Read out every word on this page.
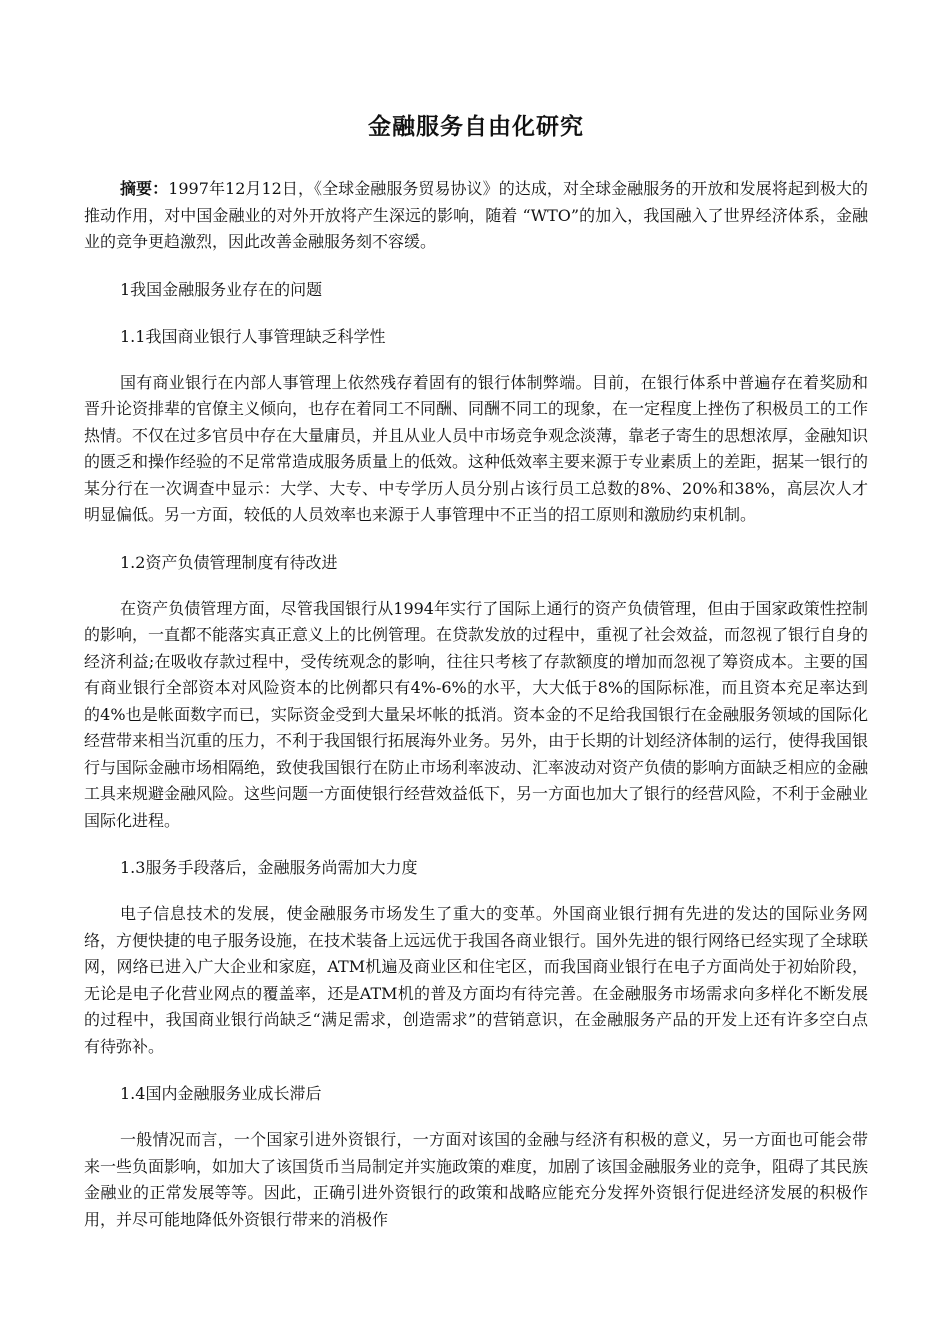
金融服务自由化研究

摘要：1997年12月12日，《全球金融服务贸易协议》的达成，对全球金融服务的开放和发展将起到极大的推动作用，对中国金融业的对外开放将产生深远的影响，随着 “WTO”的加入，我国融入了世界经济体系，金融业的竞争更趋激烈，因此改善金融服务刻不容缓。

1我国金融服务业存在的问题

1.1我国商业银行人事管理缺乏科学性

国有商业银行在内部人事管理上依然残存着固有的银行体制弊端。目前，在银行体系中普遍存在着奖励和晋升论资排辈的官僚主义倾向，也存在着同工不同酬、同酬不同工的现象，在一定程度上挫伤了积极员工的工作热情。不仅在过多官员中存在大量庸员，并且从业人员中市场竞争观念淡薄，靠老子寄生的思想浓厚，金融知识的匮乏和操作经验的不足常常造成服务质量上的低效。这种低效率主要来源于专业素质上的差距，据某一银行的某分行在一次调查中显示：大学、大专、中专学历人员分别占该行员工总数的8%、20%和38%，高层次人才明显偏低。另一方面，较低的人员效率也来源于人事管理中不正当的招工原则和激励约束机制。

1.2资产负债管理制度有待改进

在资产负债管理方面，尽管我国银行从1994年实行了国际上通行的资产负债管理，但由于国家政策性控制的影响，一直都不能落实真正意义上的比例管理。在贷款发放的过程中，重视了社会效益，而忽视了银行自身的经济利益;在吸收存款过程中，受传统观念的影响，往往只考核了存款额度的增加而忽视了筹资成本。主要的国有商业银行全部资本对风险资本的比例都只有4%-6%的水平，大大低于8%的国际标准，而且资本充足率达到的4%也是帐面数字而已，实际资金受到大量呆坏帐的抵消。资本金的不足给我国银行在金融服务领域的国际化经营带来相当沉重的压力，不利于我国银行拓展海外业务。另外，由于长期的计划经济体制的运行，使得我国银行与国际金融市场相隔绝，致使我国银行在防止市场利率波动、汇率波动对资产负债的影响方面缺乏相应的金融工具来规避金融风险。这些问题一方面使银行经营效益低下，另一方面也加大了银行的经营风险，不利于金融业国际化进程。

1.3服务手段落后，金融服务尚需加大力度

电子信息技术的发展，使金融服务市场发生了重大的变革。外国商业银行拥有先进的发达的国际业务网络，方便快捷的电子服务设施，在技术装备上远远优于我国各商业银行。国外先进的银行网络已经实现了全球联网，网络已进入广大企业和家庭，ATM机遍及商业区和住宅区，而我国商业银行在电子方面尚处于初始阶段，无论是电子化营业网点的覆盖率，还是ATM机的普及方面均有待完善。在金融服务市场需求向多样化不断发展的过程中，我国商业银行尚缺乏“满足需求，创造需求”的营销意识，在金融服务产品的开发上还有许多空白点有待弥补。

1.4国内金融服务业成长滞后

一般情况而言，一个国家引进外资银行，一方面对该国的金融与经济有积极的意义，另一方面也可能会带来一些负面影响，如加大了该国货币当局制定并实施政策的难度，加剧了该国金融服务业的竞争，阻碍了其民族金融业的正常发展等等。因此，正确引进外资银行的政策和战略应能充分发挥外资银行促进经济发展的积极作用，并尽可能地降低外资银行带来的消极作
